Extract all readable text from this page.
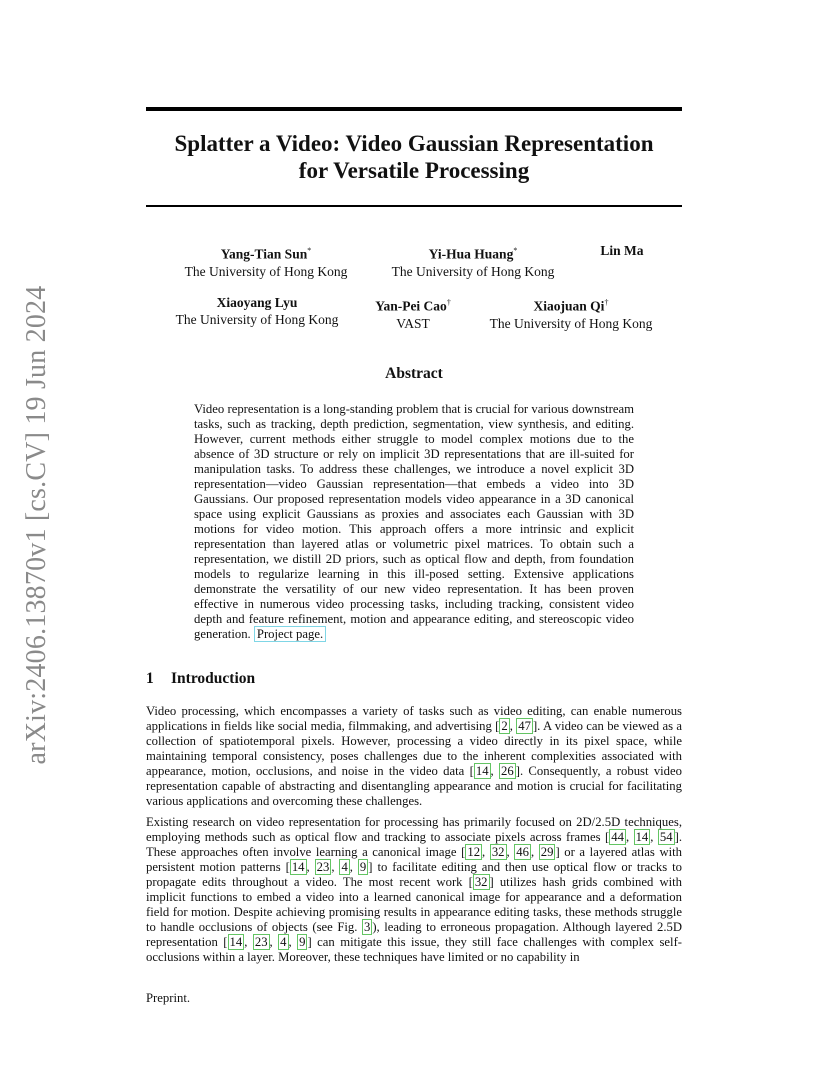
arXiv:2406.13870v1 [cs.CV] 19 Jun 2024
Splatter a Video: Video Gaussian Representation
for Versatile Processing
Yang-Tian Sun*
The University of Hong Kong
Yi-Hua Huang*
The University of Hong Kong
Lin Ma
Xiaoyang Lyu
The University of Hong Kong
Yan-Pei Cao†
VAST
Xiaojuan Qi†
The University of Hong Kong
Abstract
Video representation is a long-standing problem that is crucial for various downstream tasks, such as tracking, depth prediction, segmentation, view synthesis, and editing. However, current methods either struggle to model complex motions due to the absence of 3D structure or rely on implicit 3D representations that are ill-suited for manipulation tasks. To address these challenges, we introduce a novel explicit 3D representation—video Gaussian representation—that embeds a video into 3D Gaussians. Our proposed representation models video appearance in a 3D canonical space using explicit Gaussians as proxies and associates each Gaussian with 3D motions for video motion. This approach offers a more intrinsic and explicit representation than layered atlas or volumetric pixel matrices. To obtain such a representation, we distill 2D priors, such as optical flow and depth, from foundation models to regularize learning in this ill-posed setting. Extensive applications demonstrate the versatility of our new video representation. It has been proven effective in numerous video processing tasks, including tracking, consistent video depth and feature refinement, motion and appearance editing, and stereoscopic video generation. Project page.
1 Introduction
Video processing, which encompasses a variety of tasks such as video editing, can enable numerous applications in fields like social media, filmmaking, and advertising [ 2 , 47 ]. A video can be viewed as a collection of spatiotemporal pixels. However, processing a video directly in its pixel space, while maintaining temporal consistency, poses challenges due to the inherent complexities associated with appearance, motion, occlusions, and noise in the video data [ 14 , 26 ]. Consequently, a robust video representation capable of abstracting and disentangling appearance and motion is crucial for facilitating various applications and overcoming these challenges.
Existing research on video representation for processing has primarily focused on 2D/2.5D techniques, employing methods such as optical flow and tracking to associate pixels across frames [ 44 , 14 , 54 ]. These approaches often involve learning a canonical image [ 12 , 32 , 46 , 29 ] or a layered atlas with persistent motion patterns [ 14 , 23 , 4 , 9 ] to facilitate editing and then use optical flow or tracks to propagate edits throughout a video. The most recent work [ 32 ] utilizes hash grids combined with implicit functions to embed a video into a learned canonical image for appearance and a deformation field for motion. Despite achieving promising results in appearance editing tasks, these methods struggle to handle occlusions of objects (see Fig. 3 ), leading to erroneous propagation. Although layered 2.5D representation [ 14 , 23 , 4 , 9 ] can mitigate this issue, they still face challenges with complex self-occlusions within a layer. Moreover, these techniques have limited or no capability in
Preprint.
